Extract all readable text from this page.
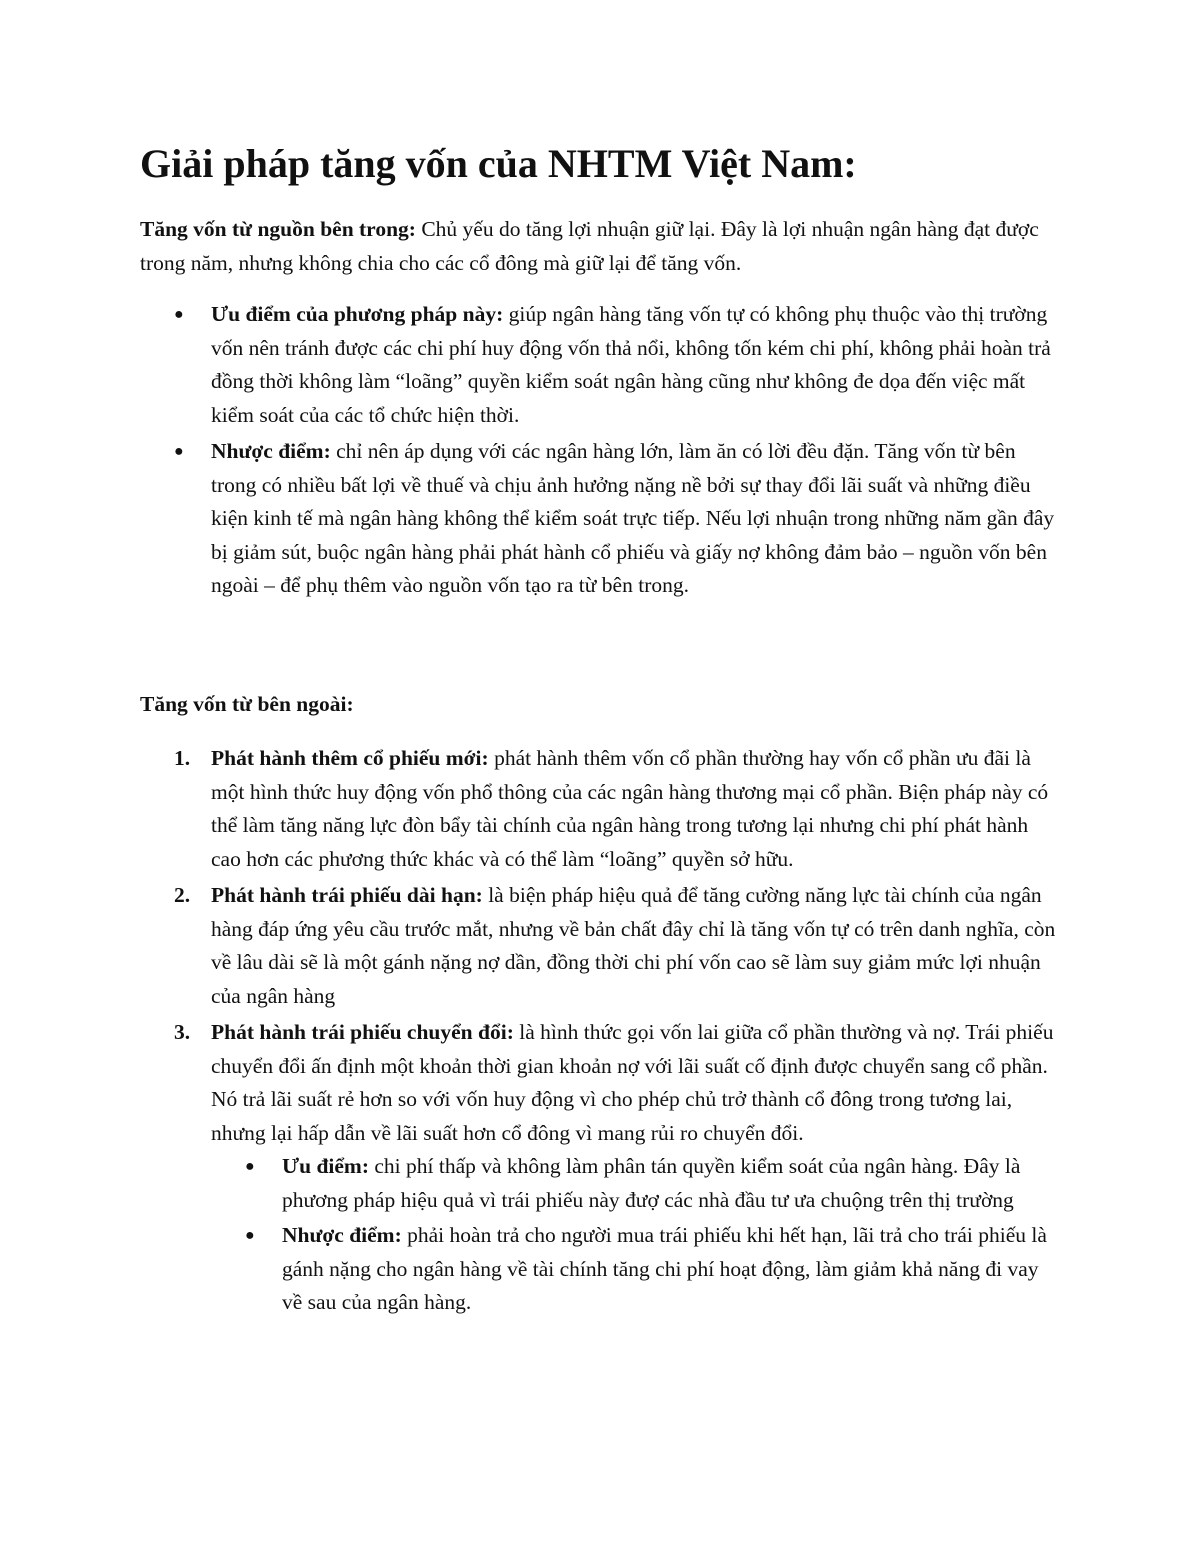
Giải pháp tăng vốn của NHTM Việt Nam:

Tăng vốn từ nguồn bên trong: Chủ yếu do tăng lợi nhuận giữ lại. Đây là lợi nhuận ngân hàng đạt được trong năm, nhưng không chia cho các cổ đông mà giữ lại để tăng vốn.

● Ưu điểm của phương pháp này: giúp ngân hàng tăng vốn tự có không phụ thuộc vào thị trường vốn nên tránh được các chi phí huy động vốn thả nổi, không tốn kém chi phí, không phải hoàn trả đồng thời không làm “loãng” quyền kiểm soát ngân hàng cũng như không đe dọa đến việc mất kiểm soát của các tổ chức hiện thời.
● Nhược điểm: chỉ nên áp dụng với các ngân hàng lớn, làm ăn có lời đều đặn. Tăng vốn từ bên trong có nhiều bất lợi về thuế và chịu ảnh hưởng nặng nề bởi sự thay đổi lãi suất và những điều kiện kinh tế mà ngân hàng không thể kiểm soát trực tiếp. Nếu lợi nhuận trong những năm gần đây bị giảm sút, buộc ngân hàng phải phát hành cổ phiếu và giấy nợ không đảm bảo – nguồn vốn bên ngoài – để phụ thêm vào nguồn vốn tạo ra từ bên trong.

Tăng vốn từ bên ngoài:

1. Phát hành thêm cổ phiếu mới: phát hành thêm vốn cổ phần thường hay vốn cổ phần ưu đãi là một hình thức huy động vốn phổ thông của các ngân hàng thương mại cổ phần. Biện pháp này có thể làm tăng năng lực đòn bẩy tài chính của ngân hàng trong tương lại nhưng chi phí phát hành cao hơn các phương thức khác và có thể làm “loãng” quyền sở hữu.
2. Phát hành trái phiếu dài hạn: là biện pháp hiệu quả để tăng cường năng lực tài chính của ngân hàng đáp ứng yêu cầu trước mắt, nhưng về bản chất đây chỉ là tăng vốn tự có trên danh nghĩa, còn về lâu dài sẽ là một gánh nặng nợ dần, đồng thời chi phí vốn cao sẽ làm suy giảm mức lợi nhuận của ngân hàng
3. Phát hành trái phiếu chuyển đổi: là hình thức gọi vốn lai giữa cổ phần thường và nợ. Trái phiếu chuyển đổi ấn định một khoản thời gian khoản nợ với lãi suất cố định được chuyển sang cổ phần. Nó trả lãi suất rẻ hơn so với vốn huy động vì cho phép chủ trở thành cổ đông trong tương lai, nhưng lại hấp dẫn về lãi suất hơn cổ đông vì mang rủi ro chuyển đổi.
● Ưu điểm: chi phí thấp và không làm phân tán quyền kiểm soát của ngân hàng. Đây là phương pháp hiệu quả vì trái phiếu này đượ các nhà đầu tư ưa chuộng trên thị trường
● Nhược điểm: phải hoàn trả cho người mua trái phiếu khi hết hạn, lãi trả cho trái phiếu là gánh nặng cho ngân hàng về tài chính tăng chi phí hoạt động, làm giảm khả năng đi vay về sau của ngân hàng.
